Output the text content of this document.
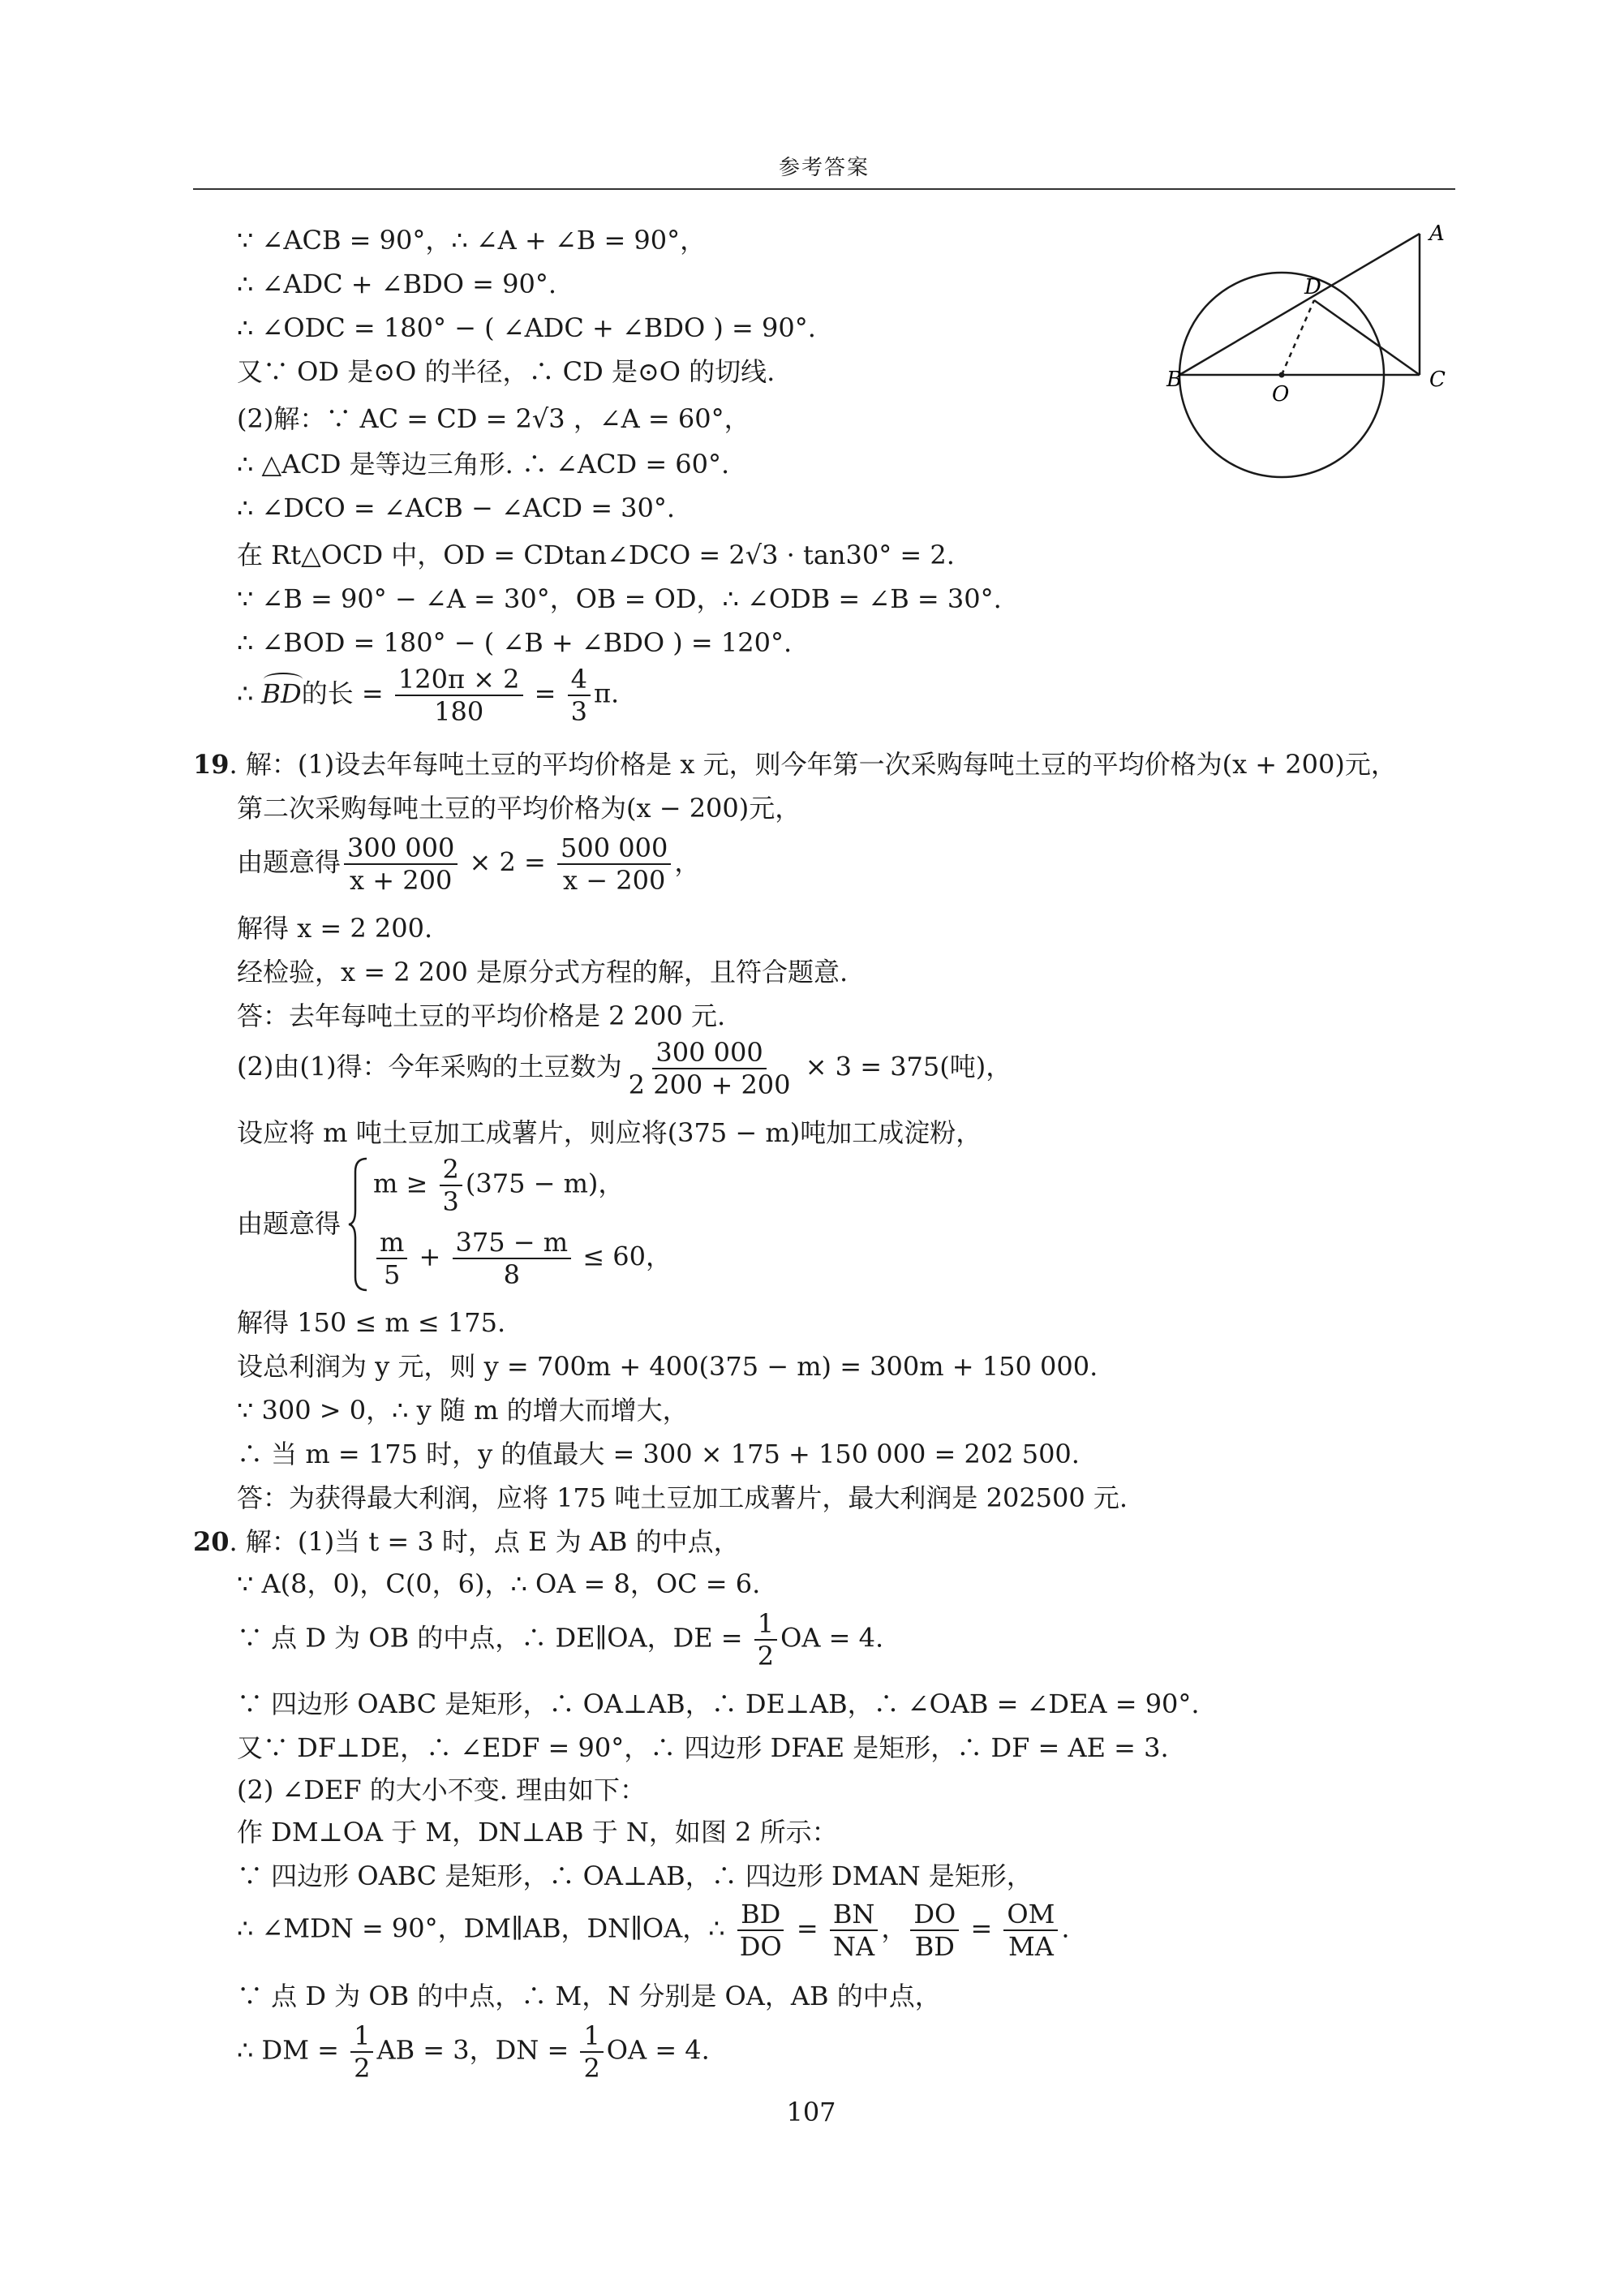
参考答案
∵ ∠ACB = 90°，∴ ∠A + ∠B = 90°，
∴ ∠ADC + ∠BDO = 90°.
∴ ∠ODC = 180° − ( ∠ADC + ∠BDO ) = 90°.
又∵ OD 是⊙O 的半径，∴ CD 是⊙O 的切线.
(2)解：∵ AC = CD = 2√3 ，∠A = 60°，
∴ △ACD 是等边三角形. ∴ ∠ACD = 60°.
∴ ∠DCO = ∠ACB − ∠ACD = 30°.
在 Rt△OCD 中，OD = CDtan∠DCO = 2√3 · tan30° = 2.
∵ ∠B = 90° − ∠A = 30°，OB = OD，∴ ∠ODB = ∠B = 30°.
∴ ∠BOD = 180° − ( ∠B + ∠BDO ) = 120°.
∴
BD的长 = $\frac{120\pi \times 2}{180} = \frac{4}{3} \pi$.
19. 解：(1)设去年每吨土豆的平均价格是 x 元，则今年第一次采购每吨土豆的平均价格为(x + 200)元，
第二次采购每吨土豆的平均价格为(x − 200)元，
由题意得 $\frac{300 000}{x + 200} \times 2 = \frac{500 000}{x - 200}$ ，
解得 x = 2 200.
经检验，x = 2 200 是原分式方程的解，且符合题意.
答：去年每吨土豆的平均价格是 2 200 元.
(2)由(1)得：今年采购的土豆数为 $\frac{300 000}{2 200 + 200} \times 3 = 375$(吨)，
设应将 m 吨土豆加工成薯片，则应将(375 − m)吨加工成淀粉，
由题意得
$m \ge \frac{2}{3} (375 - m)$，
$\frac{m}{5} + \frac{375 - m}{8} \le 60$，
解得 150 ≤ m ≤ 175.
设总利润为 y 元，则 y = 700m + 400(375 − m) = 300m + 150 000.
∵ 300 > 0，∴ y 随 m 的增大而增大，
∴ 当 m = 175 时，y 的值最大 = 300 × 175 + 150 000 = 202 500.
答：为获得最大利润，应将 175 吨土豆加工成薯片，最大利润是 202500 元.
20. 解：(1)当 t = 3 时，点 E 为 AB 的中点，
∵ A(8，0)，C(0，6)，∴ OA = 8，OC = 6.
∵ 点 D 为 OB 的中点，∴ DE∥OA，DE = $\frac{1}{2}$ OA = 4.
∵ 四边形 OABC 是矩形，∴ OA⊥AB，∴ DE⊥AB，∴ ∠OAB = ∠DEA = 90°.
又∵ DF⊥DE，∴ ∠EDF = 90°，∴ 四边形 DFAE 是矩形，∴ DF = AE = 3.
(2) ∠DEF 的大小不变. 理由如下：
作 DM⊥OA 于 M，DN⊥AB 于 N，如图 2 所示：
∵ 四边形 OABC 是矩形，∴ OA⊥AB，∴ 四边形 DMAN 是矩形，
∴ ∠MDN = 90°，DM∥AB，DN∥OA，∴ $\frac{BD}{DO} = \frac{BN}{NA}$ ， $\frac{DO}{BD} = \frac{OM}{MA}$ .
∵ 点 D 为 OB 的中点，∴ M，N 分别是 OA，AB 的中点，
∴ DM = $\frac{1}{2}$ AB = 3，DN = $\frac{1}{2}$ OA = 4.
A
D
B
O
C
107
